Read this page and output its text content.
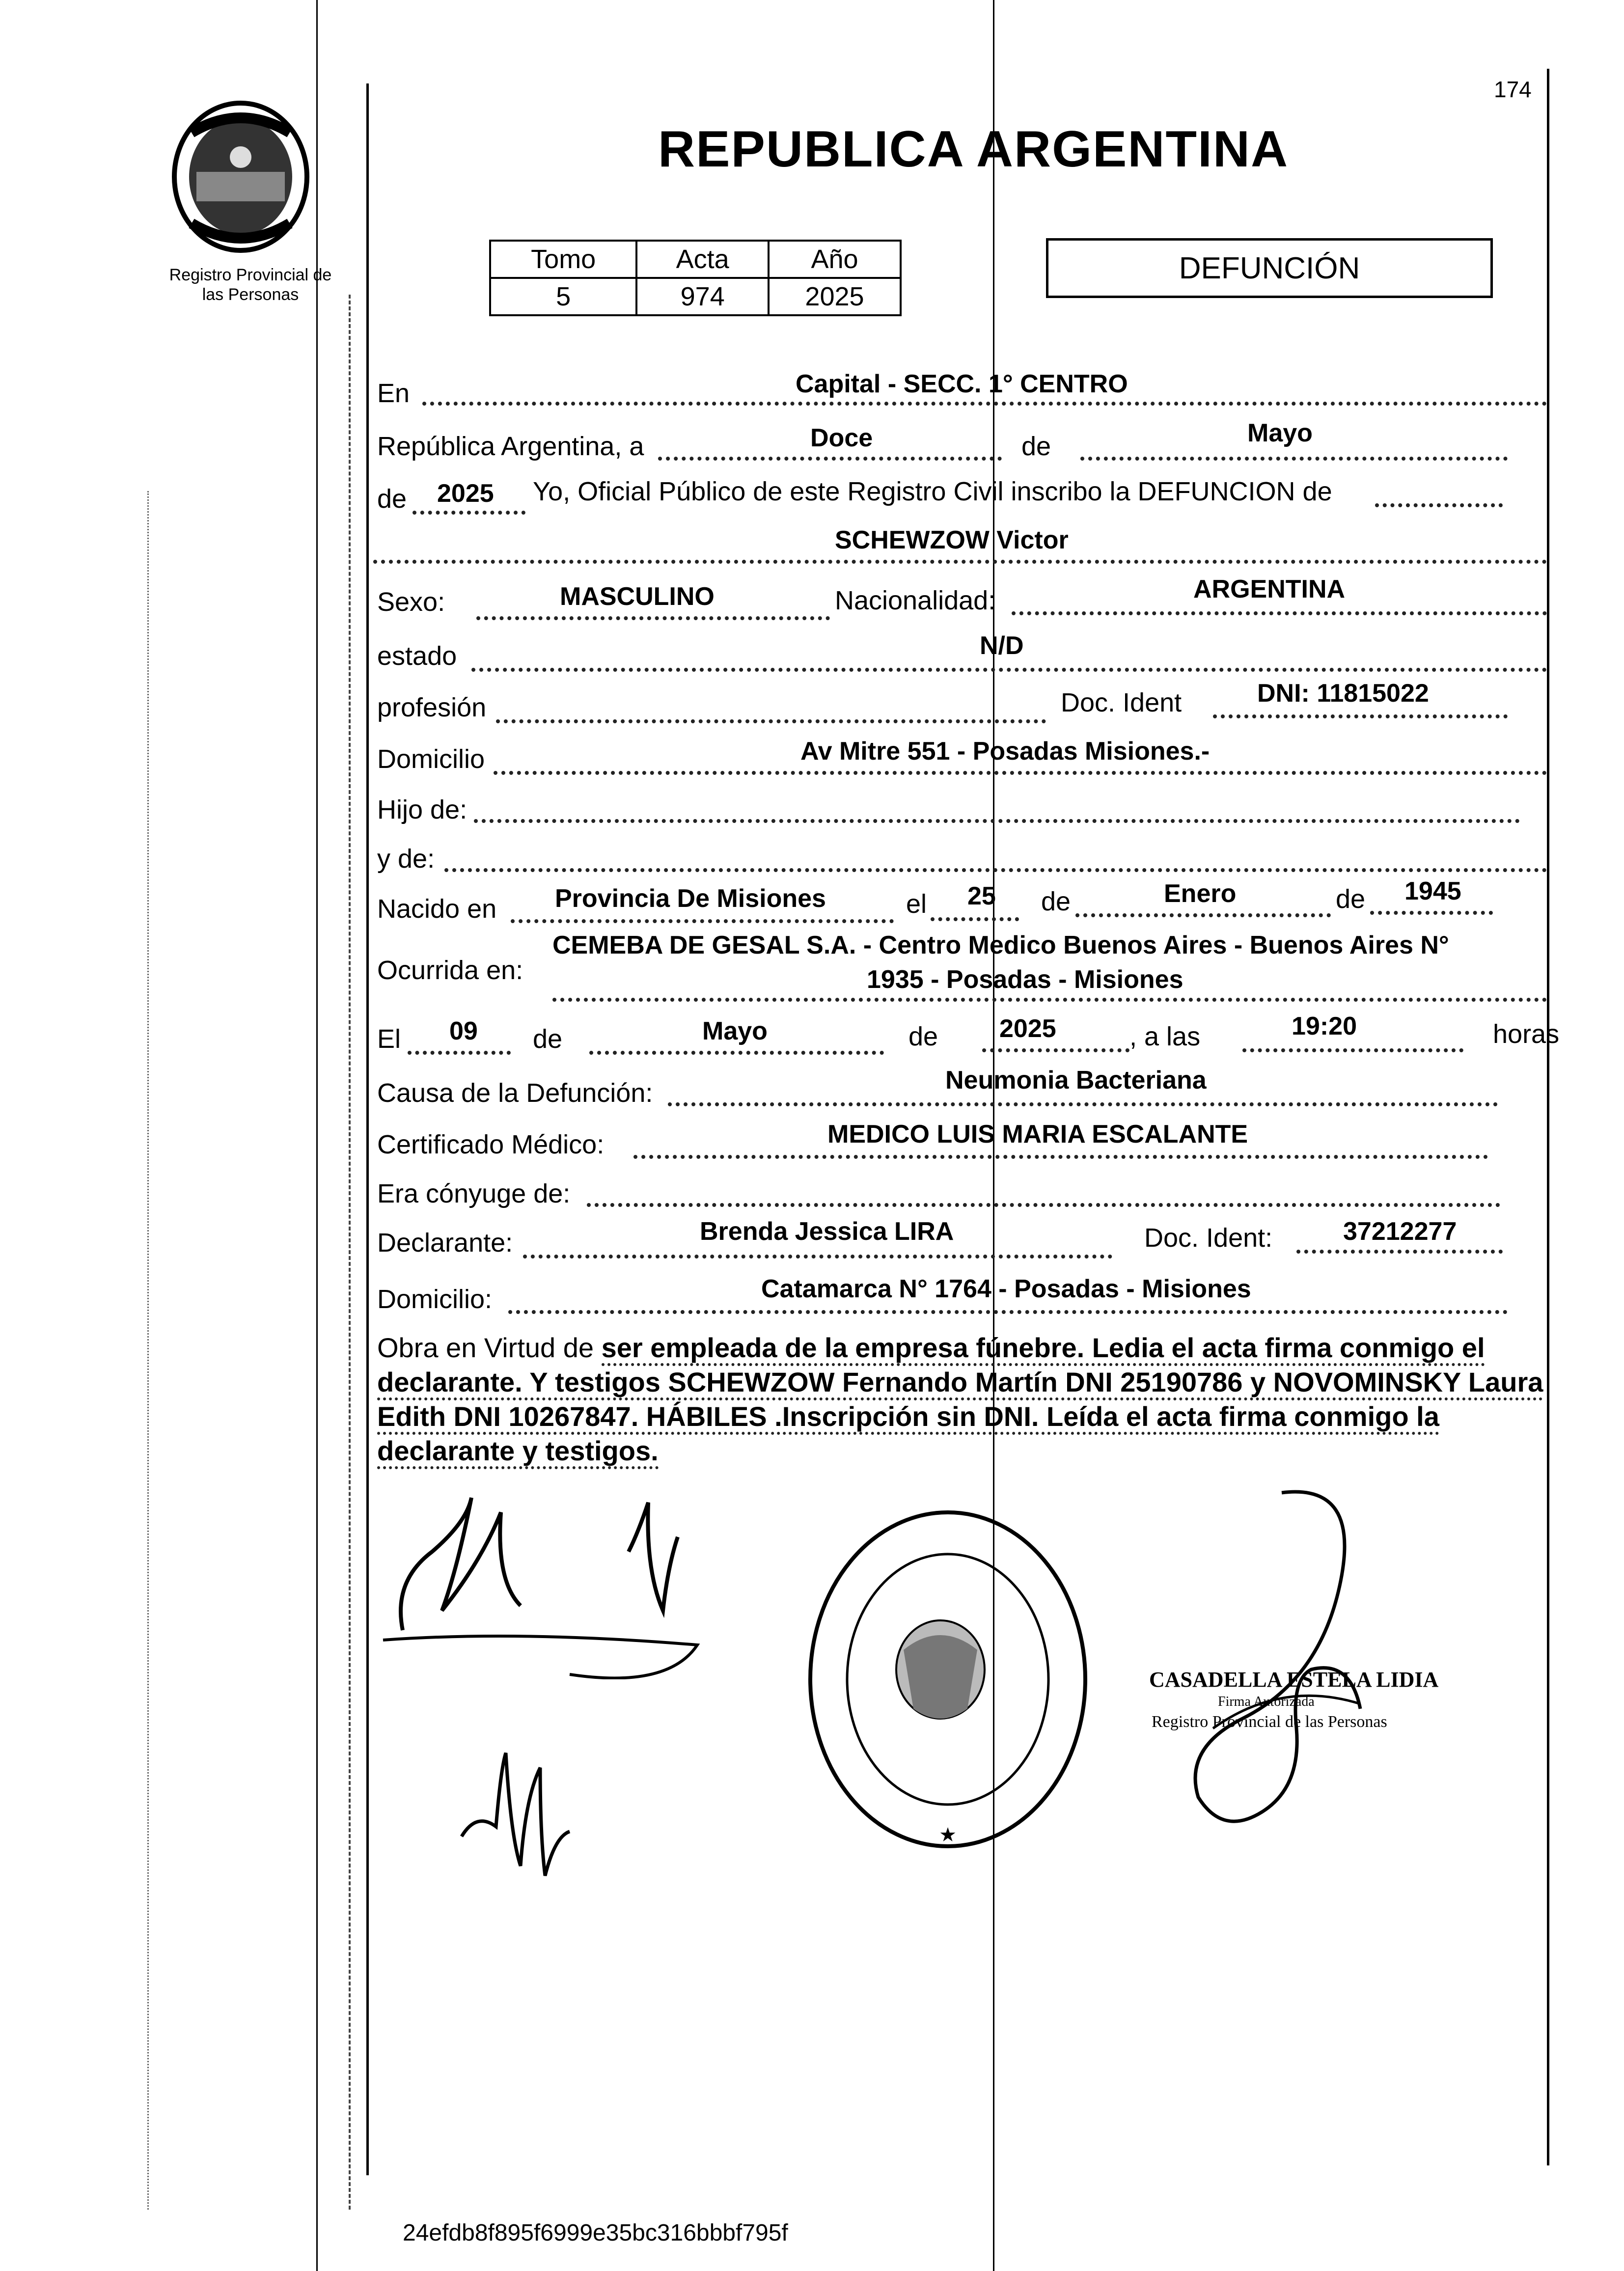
174
Registro Provincial de
las Personas
REPUBLICA ARGENTINA
Tomo	Acta	Año
5	974	2025
DEFUNCIÓN
En	Capital - SECC. 1° CENTRO
República Argentina, a	Doce	de	Mayo
de 2025 Yo, Oficial Público de este Registro Civil inscribo la DEFUNCION de
SCHEWZOW Victor
Sexo:	MASCULINO	Nacionalidad:	ARGENTINA
estado	N/D
profesión	Doc. Ident	DNI: 11815022
Domicilio	Av Mitre 551 - Posadas Misiones.-
Hijo de:
y de:
Nacido en Provincia De Misiones	el 25 de	Enero	de 1945
Ocurrida en:
CEMEBA DE GESAL S.A. - Centro Medico Buenos Aires - Buenos Aires N°
1935 - Posadas - Misiones
El 09 de	Mayo	de 2025	, a las	19:20	horas
Causa de la Defunción:	Neumonia Bacteriana
Certificado Médico:	MEDICO LUIS MARIA ESCALANTE
Era cónyuge de:
Declarante:	Brenda Jessica LIRA	Doc. Ident:	37212277
Domicilio:	Catamarca N° 1764 - Posadas - Misiones
Obra en Virtud de ser empleada de la empresa fúnebre. Ledia el acta firma conmigo el declarante. Y testigos SCHEWZOW Fernando Martín DNI 25190786 y NOVOMINSKY Laura Edith DNI 10267847. HÁBILES .Inscripción sin DNI. Leída el acta firma conmigo la declarante y testigos.
★
CASADELLA ESTELA LIDIA
Firma Autorizada
Registro Provincial de las Personas
24efdb8f895f6999e35bc316bbbf795f
